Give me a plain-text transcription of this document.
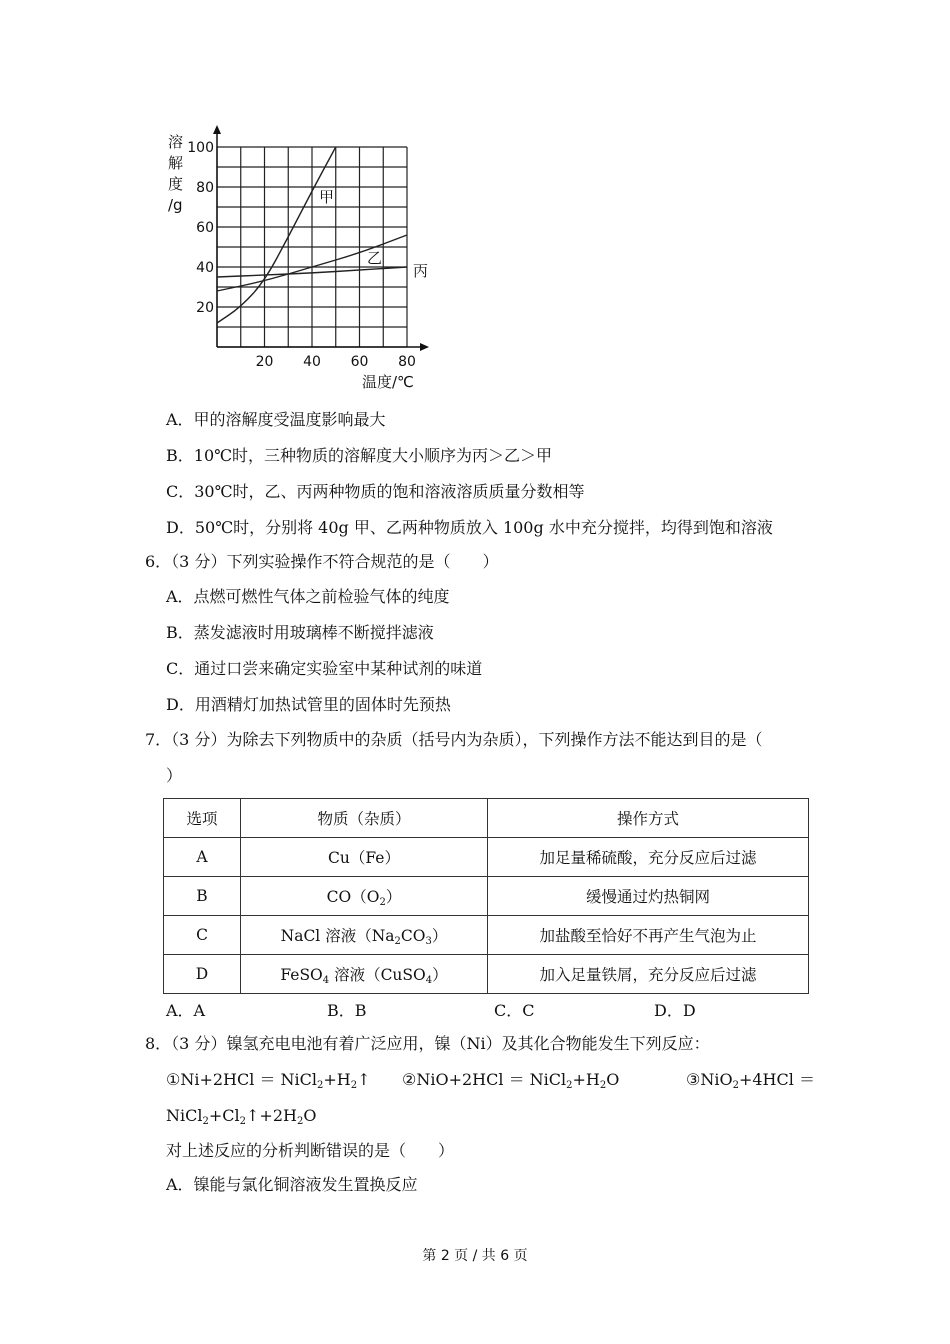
20 40 60 80
20
40
60
80
100
甲
乙
丙
溶
解
度
/g
温度/℃
A．甲的溶解度受温度影响最大
B．10℃时，三种物质的溶解度大小顺序为丙＞乙＞甲
C．30℃时，乙、丙两种物质的饱和溶液溶质质量分数相等
D．50℃时，分别将 40g 甲、乙两种物质放入 100g 水中充分搅拌，均得到饱和溶液
6．（3 分）下列实验操作不符合规范的是（　　）
A．点燃可燃性气体之前检验气体的纯度
B．蒸发滤液时用玻璃棒不断搅拌滤液
C．通过口尝来确定实验室中某种试剂的味道
D．用酒精灯加热试管里的固体时先预热
7．（3 分）为除去下列物质中的杂质（括号内为杂质），下列操作方法不能达到目的是（
）
选项	物质（杂质）	操作方式
A	Cu（Fe）	加足量稀硫酸，充分反应后过滤
B	$CO(O_2)$	缓慢通过灼热铜网
C	NaCl 溶液$(Na_2CO_3)$	加盐酸至恰好不再产生气泡为止
D	FeSO$_4$ 溶液（CuSO$_4$）	加入足量铁屑，充分反应后过滤
A．A	B．B	C．C	D．D
8．（3 分）镍氢充电电池有着广泛应用，镍（Ni）及其化合物能发生下列反应：
①Ni+2HCl ＝ $NiCl_2+H_2↑$ ②NiO+2HCl ＝ $NiCl_2+H_2O$	③NiO$_2$+4HCl ＝
$NiCl_2+Cl_2↑+2H_2O$
对上述反应的分析判断错误的是（　　）
A．镍能与氯化铜溶液发生置换反应
第 2 页 / 共 6 页
